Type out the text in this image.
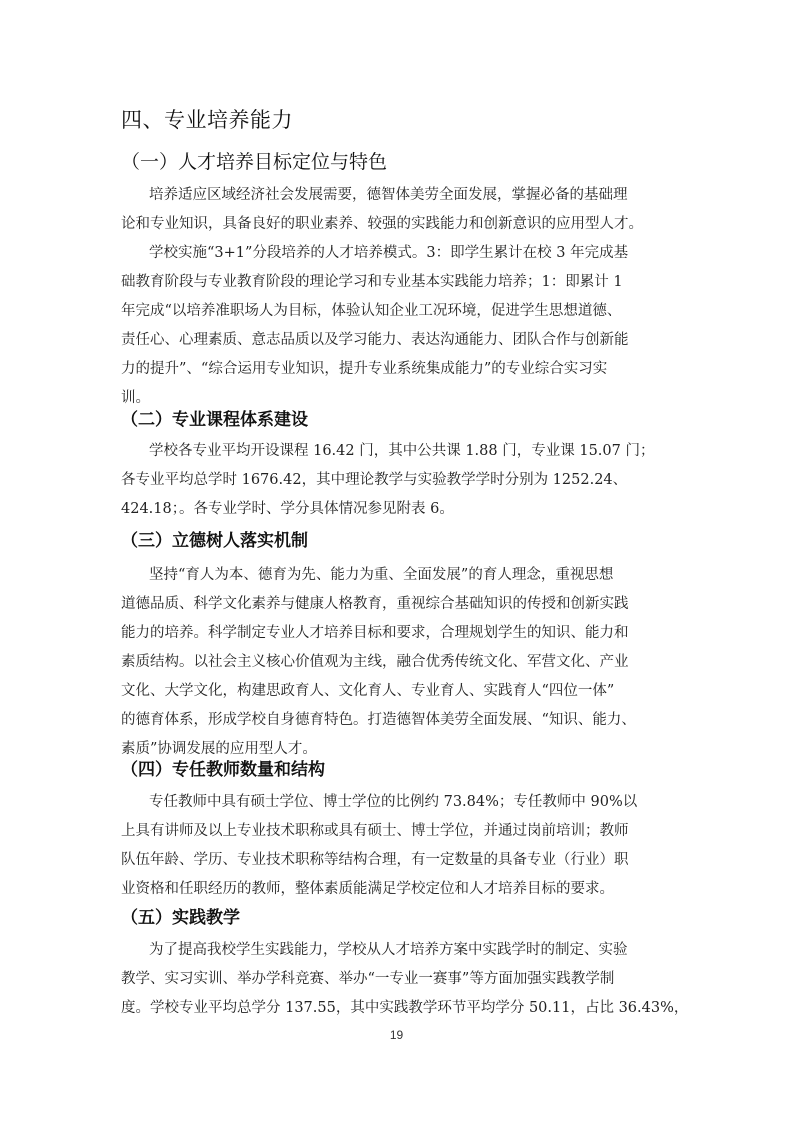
四、专业培养能力
（一）人才培养目标定位与特色
培养适应区域经济社会发展需要，德智体美劳全面发展，掌握必备的基础理
论和专业知识，具备良好的职业素养、较强的实践能力和创新意识的应用型人才。
学校实施“3+1”分段培养的人才培养模式。3：即学生累计在校 3 年完成基
础教育阶段与专业教育阶段的理论学习和专业基本实践能力培养；1：即累计 1
年完成“以培养准职场人为目标，体验认知企业工况环境，促进学生思想道德、
责任心、心理素质、意志品质以及学习能力、表达沟通能力、团队合作与创新能
力的提升”、“综合运用专业知识，提升专业系统集成能力”的专业综合实习实
训。
（二）专业课程体系建设
学校各专业平均开设课程 16.42 门，其中公共课 1.88 门，专业课 15.07 门；
各专业平均总学时 1676.42，其中理论教学与实验教学学时分别为 1252.24、
424.18；。各专业学时、学分具体情况参见附表 6。
（三）立德树人落实机制
坚持“育人为本、德育为先、能力为重、全面发展”的育人理念，重视思想
道德品质、科学文化素养与健康人格教育，重视综合基础知识的传授和创新实践
能力的培养。科学制定专业人才培养目标和要求，合理规划学生的知识、能力和
素质结构。以社会主义核心价值观为主线，融合优秀传统文化、军营文化、产业
文化、大学文化，构建思政育人、文化育人、专业育人、实践育人“四位一体”
的德育体系，形成学校自身德育特色。打造德智体美劳全面发展、“知识、能力、
素质”协调发展的应用型人才。
（四）专任教师数量和结构
专任教师中具有硕士学位、博士学位的比例约 73.84%；专任教师中 90%以
上具有讲师及以上专业技术职称或具有硕士、博士学位，并通过岗前培训；教师
队伍年龄、学历、专业技术职称等结构合理，有一定数量的具备专业（行业）职
业资格和任职经历的教师，整体素质能满足学校定位和人才培养目标的要求。
（五）实践教学
为了提高我校学生实践能力，学校从人才培养方案中实践学时的制定、实验
教学、实习实训、举办学科竞赛、举办“一专业一赛事”等方面加强实践教学制
度。学校专业平均总学分 137.55，其中实践教学环节平均学分 50.11，占比 36.43%，
19
